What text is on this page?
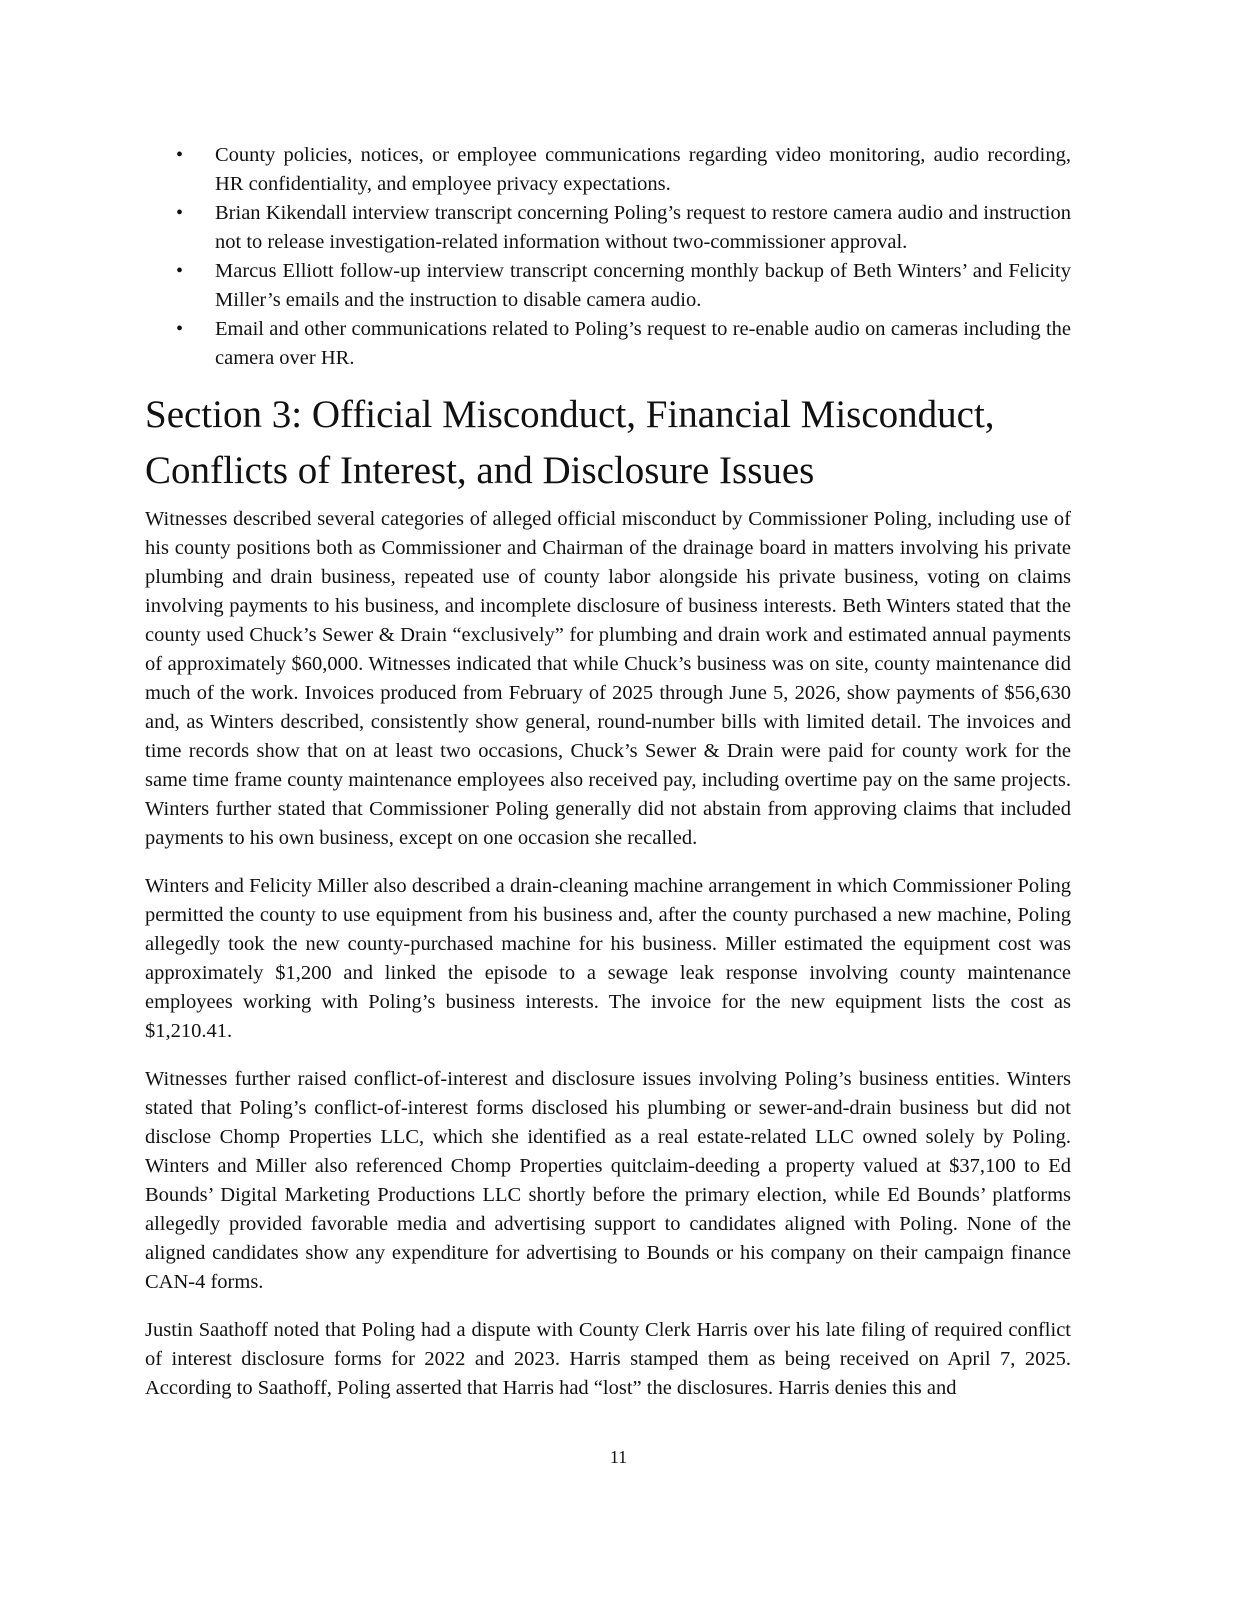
• County policies, notices, or employee communications regarding video monitoring, audio recording, HR confidentiality, and employee privacy expectations.
• Brian Kikendall interview transcript concerning Poling’s request to restore camera audio and instruction not to release investigation-related information without two-commissioner approval.
• Marcus Elliott follow-up interview transcript concerning monthly backup of Beth Winters’ and Felicity Miller’s emails and the instruction to disable camera audio.
• Email and other communications related to Poling’s request to re-enable audio on cameras including the camera over HR.
Section 3: Official Misconduct, Financial Misconduct, Conflicts of Interest, and Disclosure Issues

Witnesses described several categories of alleged official misconduct by Commissioner Poling, including use of his county positions both as Commissioner and Chairman of the drainage board in matters involving his private plumbing and drain business, repeated use of county labor alongside his private business, voting on claims involving payments to his business, and incomplete disclosure of business interests. Beth Winters stated that the county used Chuck’s Sewer & Drain “exclusively” for plumbing and drain work and estimated annual payments of approximately $60,000. Witnesses indicated that while Chuck’s business was on site, county maintenance did much of the work. Invoices produced from February of 2025 through June 5, 2026, show payments of $56,630 and, as Winters described, consistently show general, round-number bills with limited detail. The invoices and time records show that on at least two occasions, Chuck’s Sewer & Drain were paid for county work for the same time frame county maintenance employees also received pay, including overtime pay on the same projects. Winters further stated that Commissioner Poling generally did not abstain from approving claims that included payments to his own business, except on one occasion she recalled.

Winters and Felicity Miller also described a drain-cleaning machine arrangement in which Commissioner Poling permitted the county to use equipment from his business and, after the county purchased a new machine, Poling allegedly took the new county-purchased machine for his business. Miller estimated the equipment cost was approximately $1,200 and linked the episode to a sewage leak response involving county maintenance employees working with Poling’s business interests. The invoice for the new equipment lists the cost as $1,210.41.

Witnesses further raised conflict-of-interest and disclosure issues involving Poling’s business entities. Winters stated that Poling’s conflict-of-interest forms disclosed his plumbing or sewer-and-drain business but did not disclose Chomp Properties LLC, which she identified as a real estate-related LLC owned solely by Poling. Winters and Miller also referenced Chomp Properties quitclaim-deeding a property valued at $37,100 to Ed Bounds’ Digital Marketing Productions LLC shortly before the primary election, while Ed Bounds’ platforms allegedly provided favorable media and advertising support to candidates aligned with Poling. None of the aligned candidates show any expenditure for advertising to Bounds or his company on their campaign finance CAN-4 forms.

Justin Saathoff noted that Poling had a dispute with County Clerk Harris over his late filing of required conflict of interest disclosure forms for 2022 and 2023. Harris stamped them as being received on April 7, 2025. According to Saathoff, Poling asserted that Harris had “lost” the disclosures. Harris denies this and

11
